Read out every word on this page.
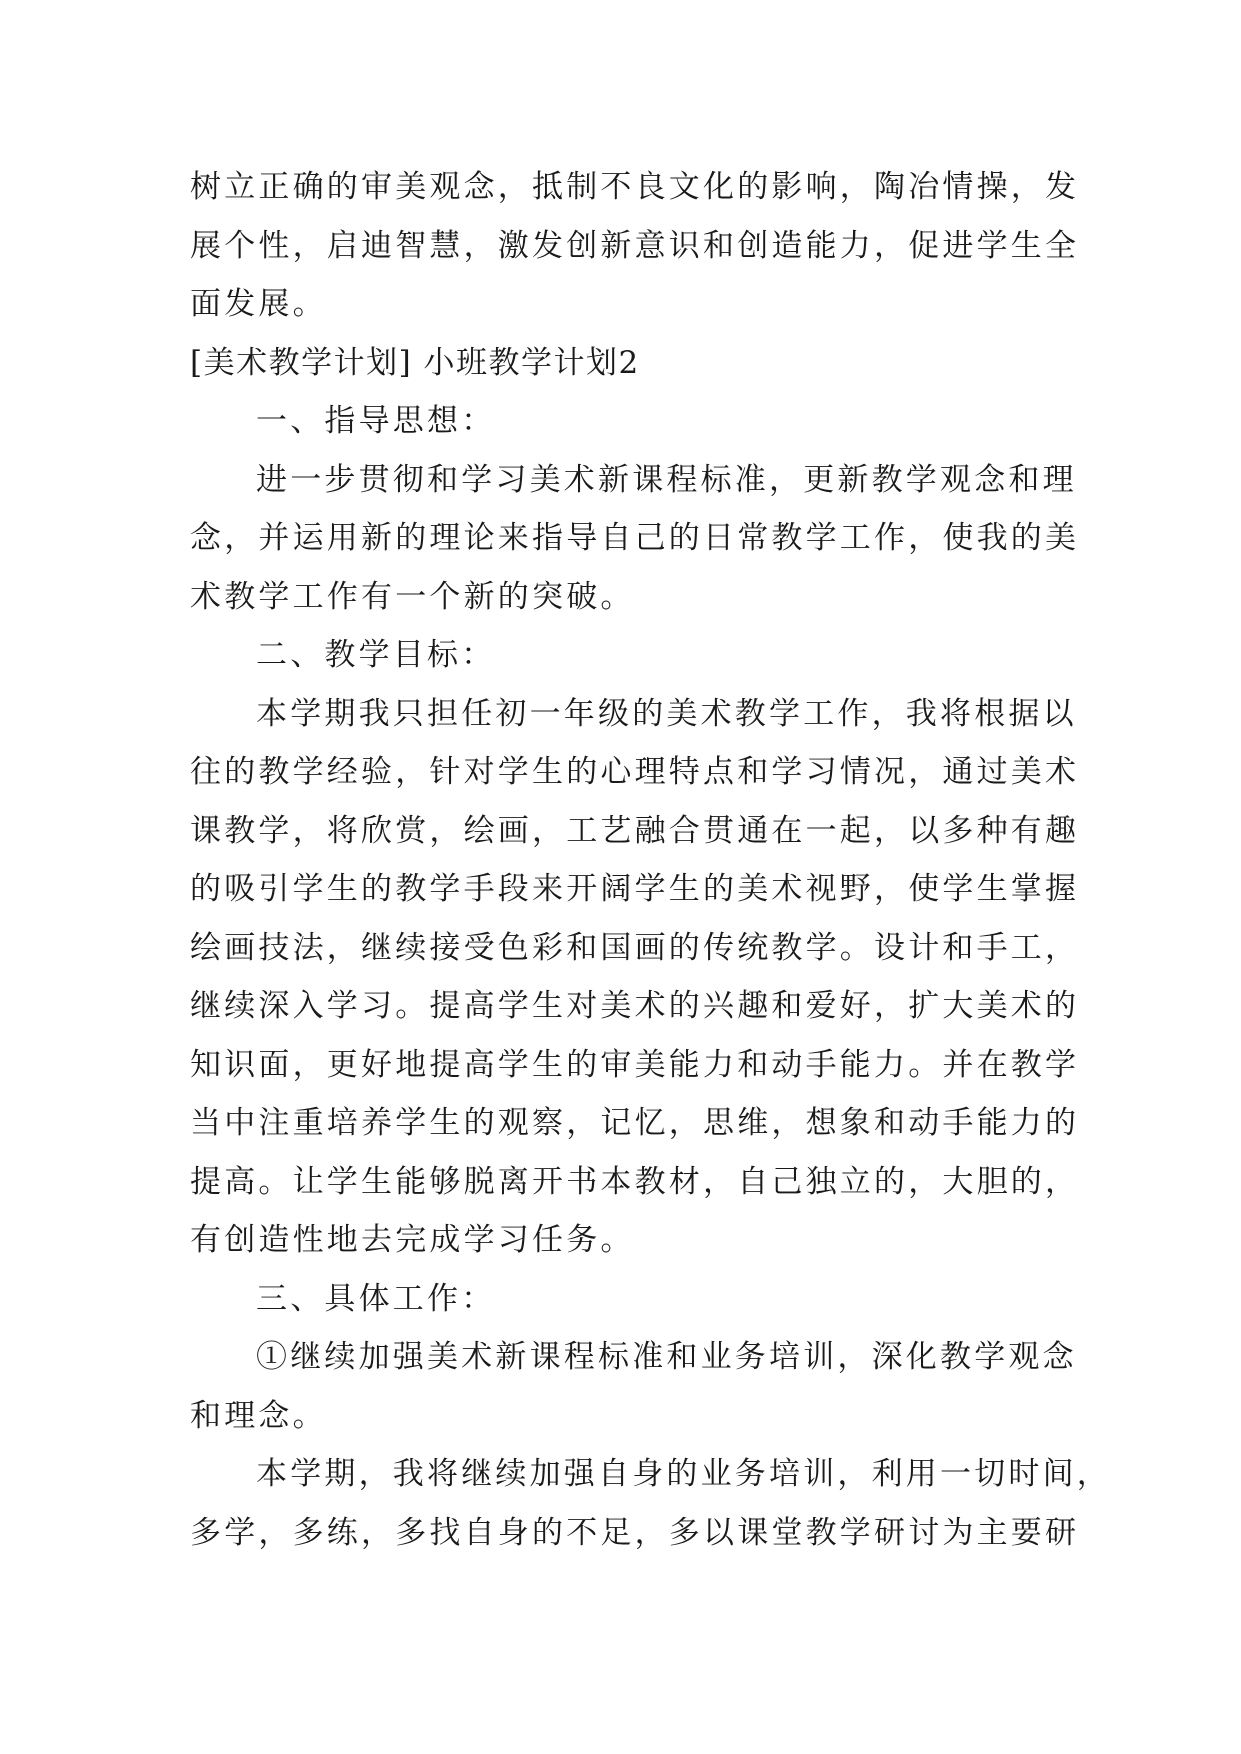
树立正确的审美观念，抵制不良文化的影响，陶冶情操，发
展个性，启迪智慧，激发创新意识和创造能力，促进学生全
面发展。
[美术教学计划] 小班教学计划2
一、指导思想：
进一步贯彻和学习美术新课程标准，更新教学观念和理
念，并运用新的理论来指导自己的日常教学工作，使我的美
术教学工作有一个新的突破。
二、教学目标：
本学期我只担任初一年级的美术教学工作，我将根据以
往的教学经验，针对学生的心理特点和学习情况，通过美术
课教学，将欣赏，绘画，工艺融合贯通在一起，以多种有趣
的吸引学生的教学手段来开阔学生的美术视野，使学生掌握
绘画技法，继续接受色彩和国画的传统教学。设计和手工，
继续深入学习。提高学生对美术的兴趣和爱好，扩大美术的
知识面，更好地提高学生的审美能力和动手能力。并在教学
当中注重培养学生的观察，记忆，思维，想象和动手能力的
提高。让学生能够脱离开书本教材，自己独立的，大胆的，
有创造性地去完成学习任务。
三、具体工作：
①继续加强美术新课程标准和业务培训，深化教学观念
和理念。
本学期，我将继续加强自身的业务培训，利用一切时间，
多学，多练，多找自身的不足，多以课堂教学研讨为主要研
